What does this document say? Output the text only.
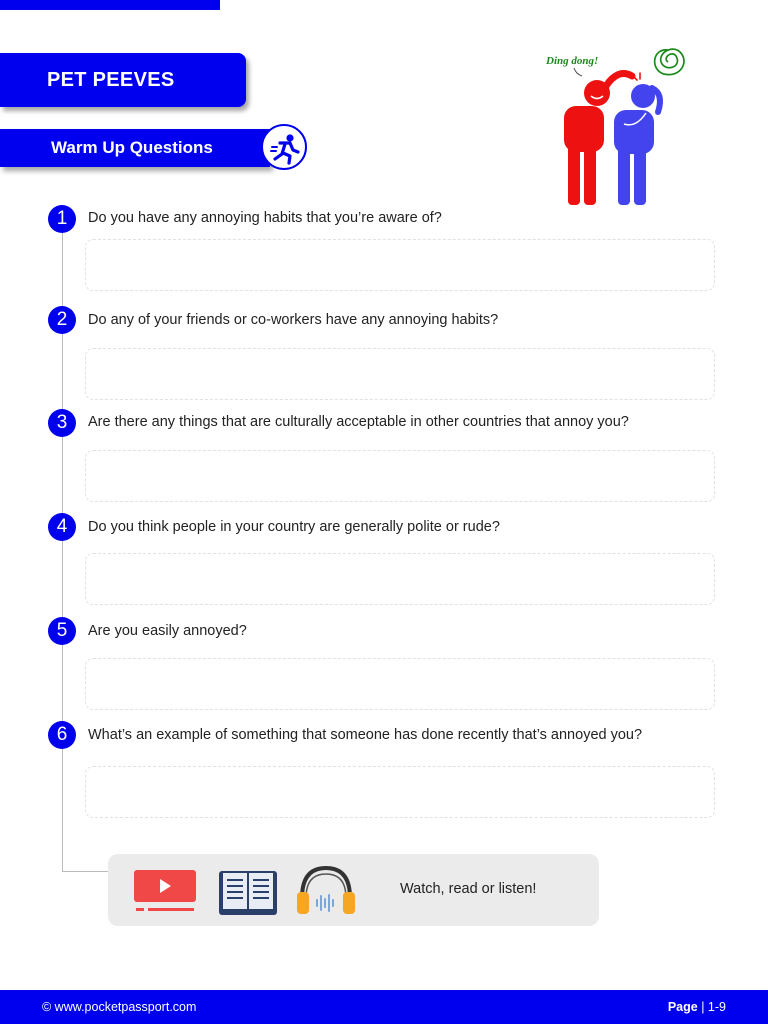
PET PEEVES
Warm Up Questions
Ding dong!
1	Do you have any annoying habits that you’re aware of?
2	Do any of your friends or co-workers have any annoying habits?
3	Are there any things that are culturally acceptable in other countries that annoy you?
4	Do you think people in your country are generally polite or rude?
5	Are you easily annoyed?
6	What’s an example of something that someone has done recently that’s annoyed you?
Watch, read or listen!
© www.pocketpassport.com	Page | 1-9
